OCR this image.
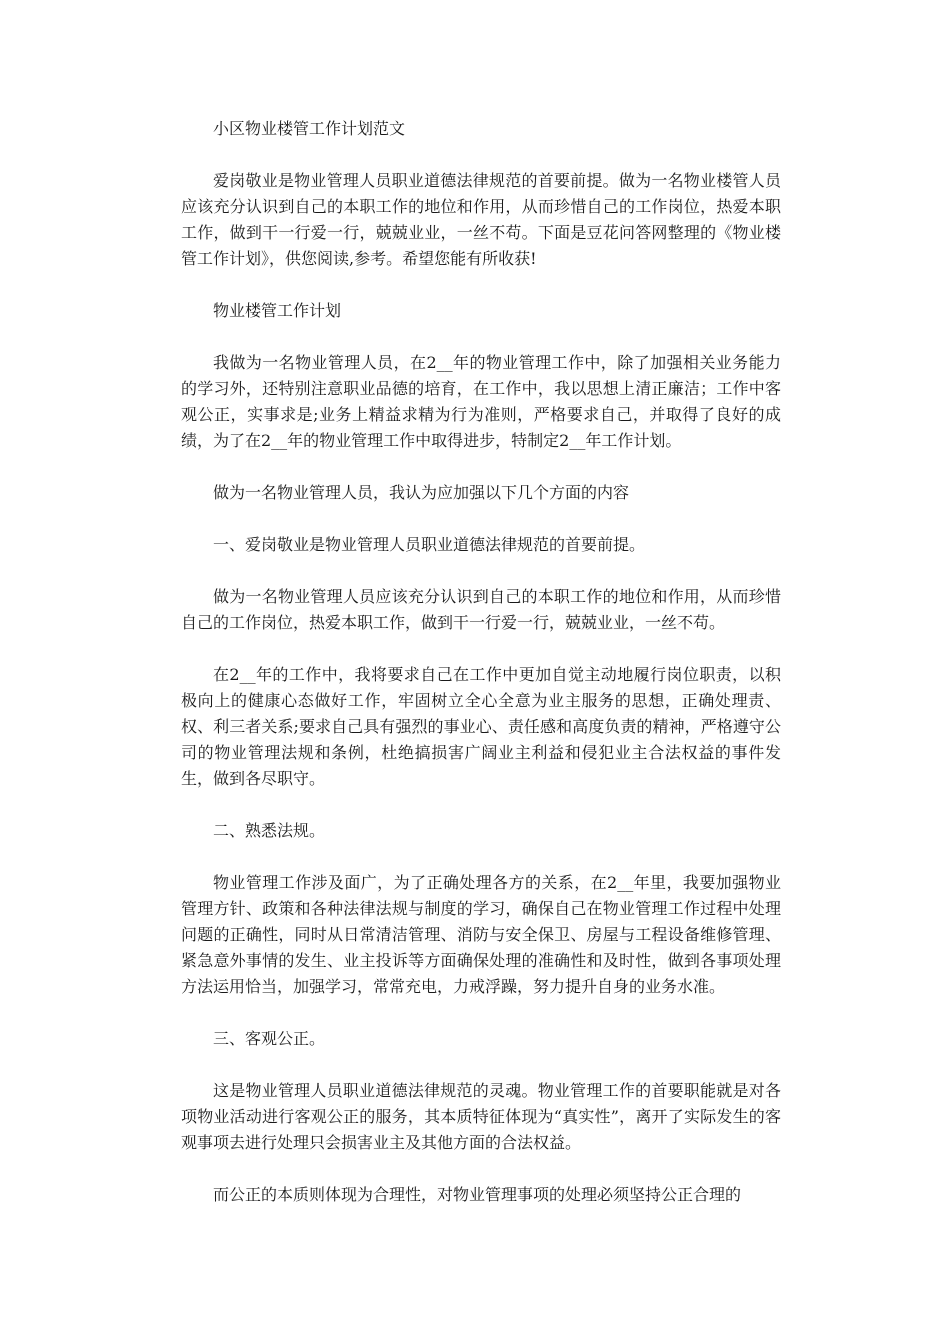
小区物业楼管工作计划范文

爱岗敬业是物业管理人员职业道德法律规范的首要前提。做为一名物业楼管人员应该充分认识到自己的本职工作的地位和作用，从而珍惜自己的工作岗位，热爱本职工作，做到干一行爱一行，兢兢业业，一丝不苟。下面是豆花问答网整理的《物业楼管工作计划》，供您阅读,参考。希望您能有所收获!

物业楼管工作计划

我做为一名物业管理人员，在2__年的物业管理工作中，除了加强相关业务能力的学习外，还特别注意职业品德的培育，在工作中，我以思想上清正廉洁；工作中客观公正，实事求是;业务上精益求精为行为准则，严格要求自己，并取得了良好的成绩，为了在2__年的物业管理工作中取得进步，特制定2__年工作计划。

做为一名物业管理人员，我认为应加强以下几个方面的内容

一、爱岗敬业是物业管理人员职业道德法律规范的首要前提。

做为一名物业管理人员应该充分认识到自己的本职工作的地位和作用，从而珍惜自己的工作岗位，热爱本职工作，做到干一行爱一行，兢兢业业，一丝不苟。

在2__年的工作中，我将要求自己在工作中更加自觉主动地履行岗位职责，以积极向上的健康心态做好工作，牢固树立全心全意为业主服务的思想，正确处理责、权、利三者关系;要求自己具有强烈的事业心、责任感和高度负责的精神，严格遵守公司的物业管理法规和条例，杜绝搞损害广阔业主利益和侵犯业主合法权益的事件发生，做到各尽职守。

二、熟悉法规。

物业管理工作涉及面广，为了正确处理各方的关系，在2__年里，我要加强物业管理方针、政策和各种法律法规与制度的学习，确保自己在物业管理工作过程中处理问题的正确性，同时从日常清洁管理、消防与安全保卫、房屋与工程设备维修管理、紧急意外事情的发生、业主投诉等方面确保处理的准确性和及时性，做到各事项处理方法运用恰当，加强学习，常常充电，力戒浮躁，努力提升自身的业务水准。

三、客观公正。

这是物业管理人员职业道德法律规范的灵魂。物业管理工作的首要职能就是对各项物业活动进行客观公正的服务，其本质特征体现为“真实性”，离开了实际发生的客观事项去进行处理只会损害业主及其他方面的合法权益。

而公正的本质则体现为合理性，对物业管理事项的处理必须坚持公正合理的
